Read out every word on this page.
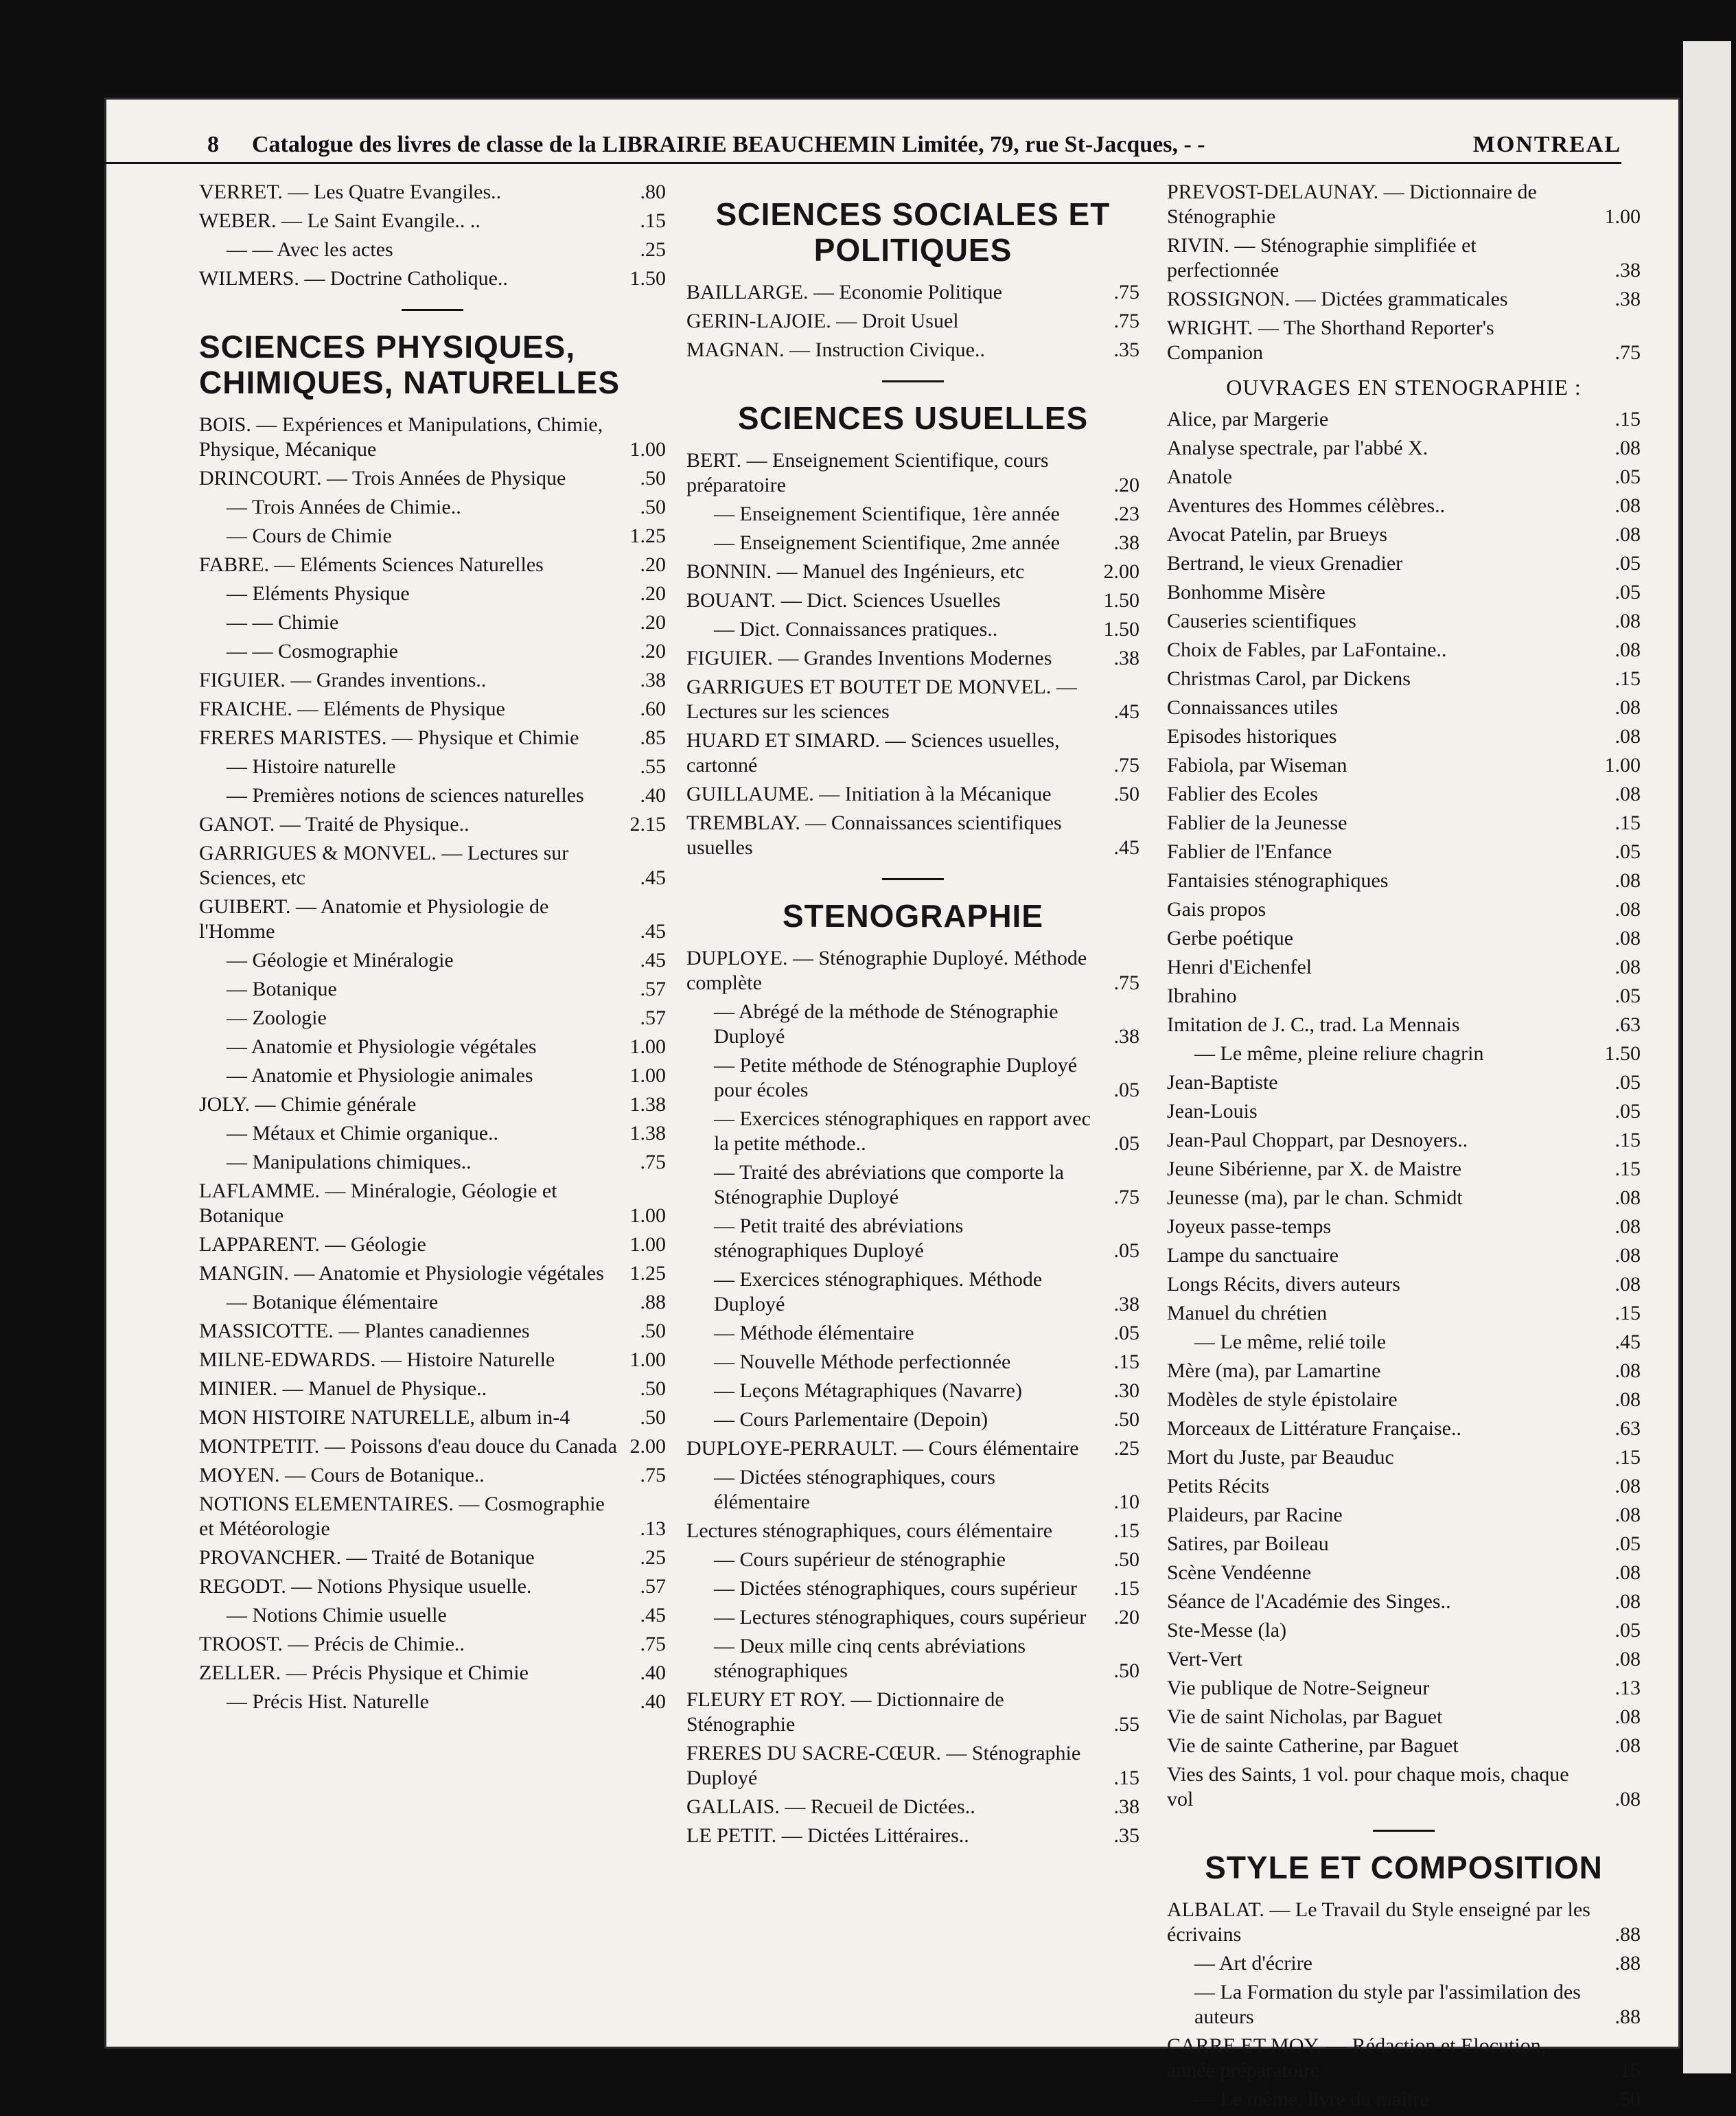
8 Catalogue des livres de classe de la LIBRAIRIE BEAUCHEMIN Limitée, 79, rue St-Jacques, - -	MONTREAL
VERRET. — Les Quatre Evangiles..	.80
WEBER. — Le Saint Evangile.. ..	.15
— — Avec les actes	.25
WILMERS. — Doctrine Catholique..	1.50
SCIENCES PHYSIQUES, CHIMIQUES, NATURELLES
BOIS. — Expériences et Manipulations, Chimie, Physique, Mécanique	1.00
DRINCOURT. — Trois Années de Physique	.50
— Trois Années de Chimie..	.50
— Cours de Chimie	1.25
FABRE. — Eléments Sciences Naturelles	.20
— Eléments Physique	.20
— — Chimie	.20
— — Cosmographie	.20
FIGUIER. — Grandes inventions..	.38
FRAICHE. — Eléments de Physique	.60
FRERES MARISTES. — Physique et Chimie	.85
— Histoire naturelle	.55
— Premières notions de sciences naturelles	.40
GANOT. — Traité de Physique..	2.15
GARRIGUES & MONVEL. — Lectures sur Sciences, etc	.45
GUIBERT. — Anatomie et Physiologie de l'Homme	.45
— Géologie et Minéralogie	.45
— Botanique	.57
— Zoologie	.57
— Anatomie et Physiologie végétales	1.00
— Anatomie et Physiologie animales	1.00
JOLY. — Chimie générale	1.38
— Métaux et Chimie organique..	1.38
— Manipulations chimiques..	.75
LAFLAMME. — Minéralogie, Géologie et Botanique	1.00
LAPPARENT. — Géologie	1.00
MANGIN. — Anatomie et Physiologie végétales	1.25
— Botanique élémentaire	.88
MASSICOTTE. — Plantes canadiennes	.50
MILNE-EDWARDS. — Histoire Naturelle	1.00
MINIER. — Manuel de Physique..	.50
MON HISTOIRE NATURELLE, album in-4	.50
MONTPETIT. — Poissons d'eau douce du Canada 2.00
MOYEN. — Cours de Botanique..	.75
NOTIONS ELEMENTAIRES. — Cosmographie et Météorologie	.13
PROVANCHER. — Traité de Botanique	.25
REGODT. — Notions Physique usuelle.	.57
— Notions Chimie usuelle	.45
TROOST. — Précis de Chimie..	.75
ZELLER. — Précis Physique et Chimie	.40
— Précis Hist. Naturelle	.40
SCIENCES SOCIALES ET POLITIQUES
BAILLARGE. — Economie Politique	.75
GERIN-LAJOIE. — Droit Usuel	.75
MAGNAN. — Instruction Civique..	.35
SCIENCES USUELLES
BERT. — Enseignement Scientifique, cours préparatoire	.20
— Enseignement Scientifique, 1ère année	.23
— Enseignement Scientifique, 2me année	.38
BONNIN. — Manuel des Ingénieurs, etc	2.00
BOUANT. — Dict. Sciences Usuelles	1.50
— Dict. Connaissances pratiques..	1.50
FIGUIER. — Grandes Inventions Modernes	.38
GARRIGUES ET BOUTET DE MONVEL. — Lectures sur les sciences	.45
HUARD ET SIMARD. — Sciences usuelles, cartonné	.75
GUILLAUME. — Initiation à la Mécanique	.50
TREMBLAY. — Connaissances scientifiques usuelles	.45
STENOGRAPHIE
DUPLOYE. — Sténographie Duployé. Méthode complète	.75
— Abrégé de la méthode de Sténographie Duployé	.38
— Petite méthode de Sténographie Duployé pour écoles	.05
— Exercices sténographiques en rapport avec la petite méthode..	.05
— Traité des abréviations que comporte la Sténographie Duployé	.75
— Petit traité des abréviations sténographiques Duployé	.05
— Exercices sténographiques. Méthode Duployé	.38
— Méthode élémentaire	.05
— Nouvelle Méthode perfectionnée	.15
— Leçons Métagraphiques (Navarre)	.30
— Cours Parlementaire (Depoin)	.50
DUPLOYE-PERRAULT. — Cours élémentaire	.25
— Dictées sténographiques, cours élémentaire	.10
Lectures sténographiques, cours élémentaire	.15
— Cours supérieur de sténographie	.50
— Dictées sténographiques, cours supérieur	.15
— Lectures sténographiques, cours supérieur	.20
— Deux mille cinq cents abréviations sténographiques	.50
FLEURY ET ROY. — Dictionnaire de Sténographie	.55
FRERES DU SACRE-CŒUR. — Sténographie Duployé	.15
GALLAIS. — Recueil de Dictées..	.38
LE PETIT. — Dictées Littéraires..	.35
PREVOST-DELAUNAY. — Dictionnaire de Sténographie	1.00
RIVIN. — Sténographie simplifiée et perfectionnée	.38
ROSSIGNON. — Dictées grammaticales	.38
WRIGHT. — The Shorthand Reporter's Companion	.75
OUVRAGES EN STENOGRAPHIE :
Alice, par Margerie	.15
Analyse spectrale, par l'abbé X.	.08
Anatole	.05
Aventures des Hommes célèbres..	.08
Avocat Patelin, par Brueys	.08
Bertrand, le vieux Grenadier	.05
Bonhomme Misère	.05
Causeries scientifiques	.08
Choix de Fables, par LaFontaine..	.08
Christmas Carol, par Dickens	.15
Connaissances utiles	.08
Episodes historiques	.08
Fabiola, par Wiseman	1.00
Fablier des Ecoles	.08
Fablier de la Jeunesse	.15
Fablier de l'Enfance	.05
Fantaisies sténographiques	.08
Gais propos	.08
Gerbe poétique	.08
Henri d'Eichenfel	.08
Ibrahino	.05
Imitation de J. C., trad. La Mennais	.63
— Le même, pleine reliure chagrin	1.50
Jean-Baptiste	.05
Jean-Louis	.05
Jean-Paul Choppart, par Desnoyers..	.15
Jeune Sibérienne, par X. de Maistre	.15
Jeunesse (ma), par le chan. Schmidt	.08
Joyeux passe-temps	.08
Lampe du sanctuaire	.08
Longs Récits, divers auteurs	.08
Manuel du chrétien	.15
— Le même, relié toile	.45
Mère (ma), par Lamartine	.08
Modèles de style épistolaire	.08
Morceaux de Littérature Française..	.63
Mort du Juste, par Beauduc	.15
Petits Récits	.08
Plaideurs, par Racine	.08
Satires, par Boileau	.05
Scène Vendéenne	.08
Séance de l'Académie des Singes..	.08
Ste-Messe (la)	.05
Vert-Vert	.08
Vie publique de Notre-Seigneur	.13
Vie de saint Nicholas, par Baguet	.08
Vie de sainte Catherine, par Baguet	.08
Vies des Saints, 1 vol. pour chaque mois, chaque vol	.08
STYLE ET COMPOSITION
ALBALAT. — Le Travail du Style enseigné par les écrivains	.88
— Art d'écrire	.88
— La Formation du style par l'assimilation des auteurs	.88
CARRE ET MOY. — Rédaction et Elocution, année préparatoire	.15
— Le même, livre du maître	.50
